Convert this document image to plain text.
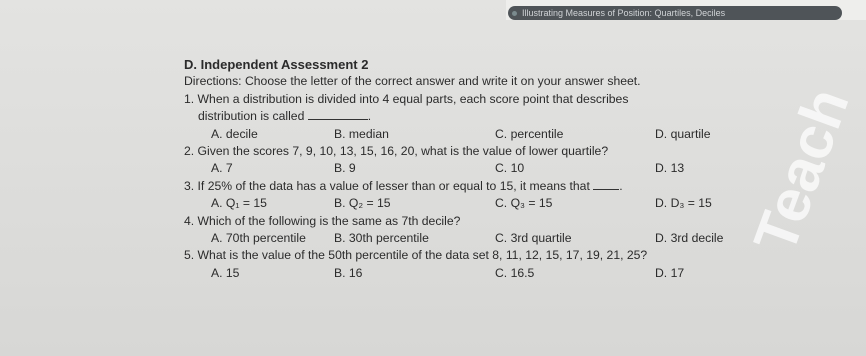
Illustrating Measures of Position: Quartiles, Deciles
D. Independent Assessment 2
Directions: Choose the letter of the correct answer and write it on your answer sheet.
1. When a distribution is divided into 4 equal parts, each score point that describes
distribution is called	.
A. decile	B. median	C. percentile	D. quartile
2. Given the scores 7, 9, 10, 13, 15, 16, 20, what is the value of lower quartile?
A. 7	B. 9	C. 10	D. 13
3. If 25% of the data has a value of lesser than or equal to 15, it means that .
A. Q₁ = 15	B. Q₂ = 15	C. Q₃ = 15	D. D₃ = 15
4. Which of the following is the same as 7th decile?
A. 70th percentile B. 30th percentile	C. 3rd quartile	D. 3rd decile
5. What is the value of the 50th percentile of the data set 8, 11, 12, 15, 17, 19, 21, 25?
A. 15	B. 16	C. 16.5	D. 17
Teach
